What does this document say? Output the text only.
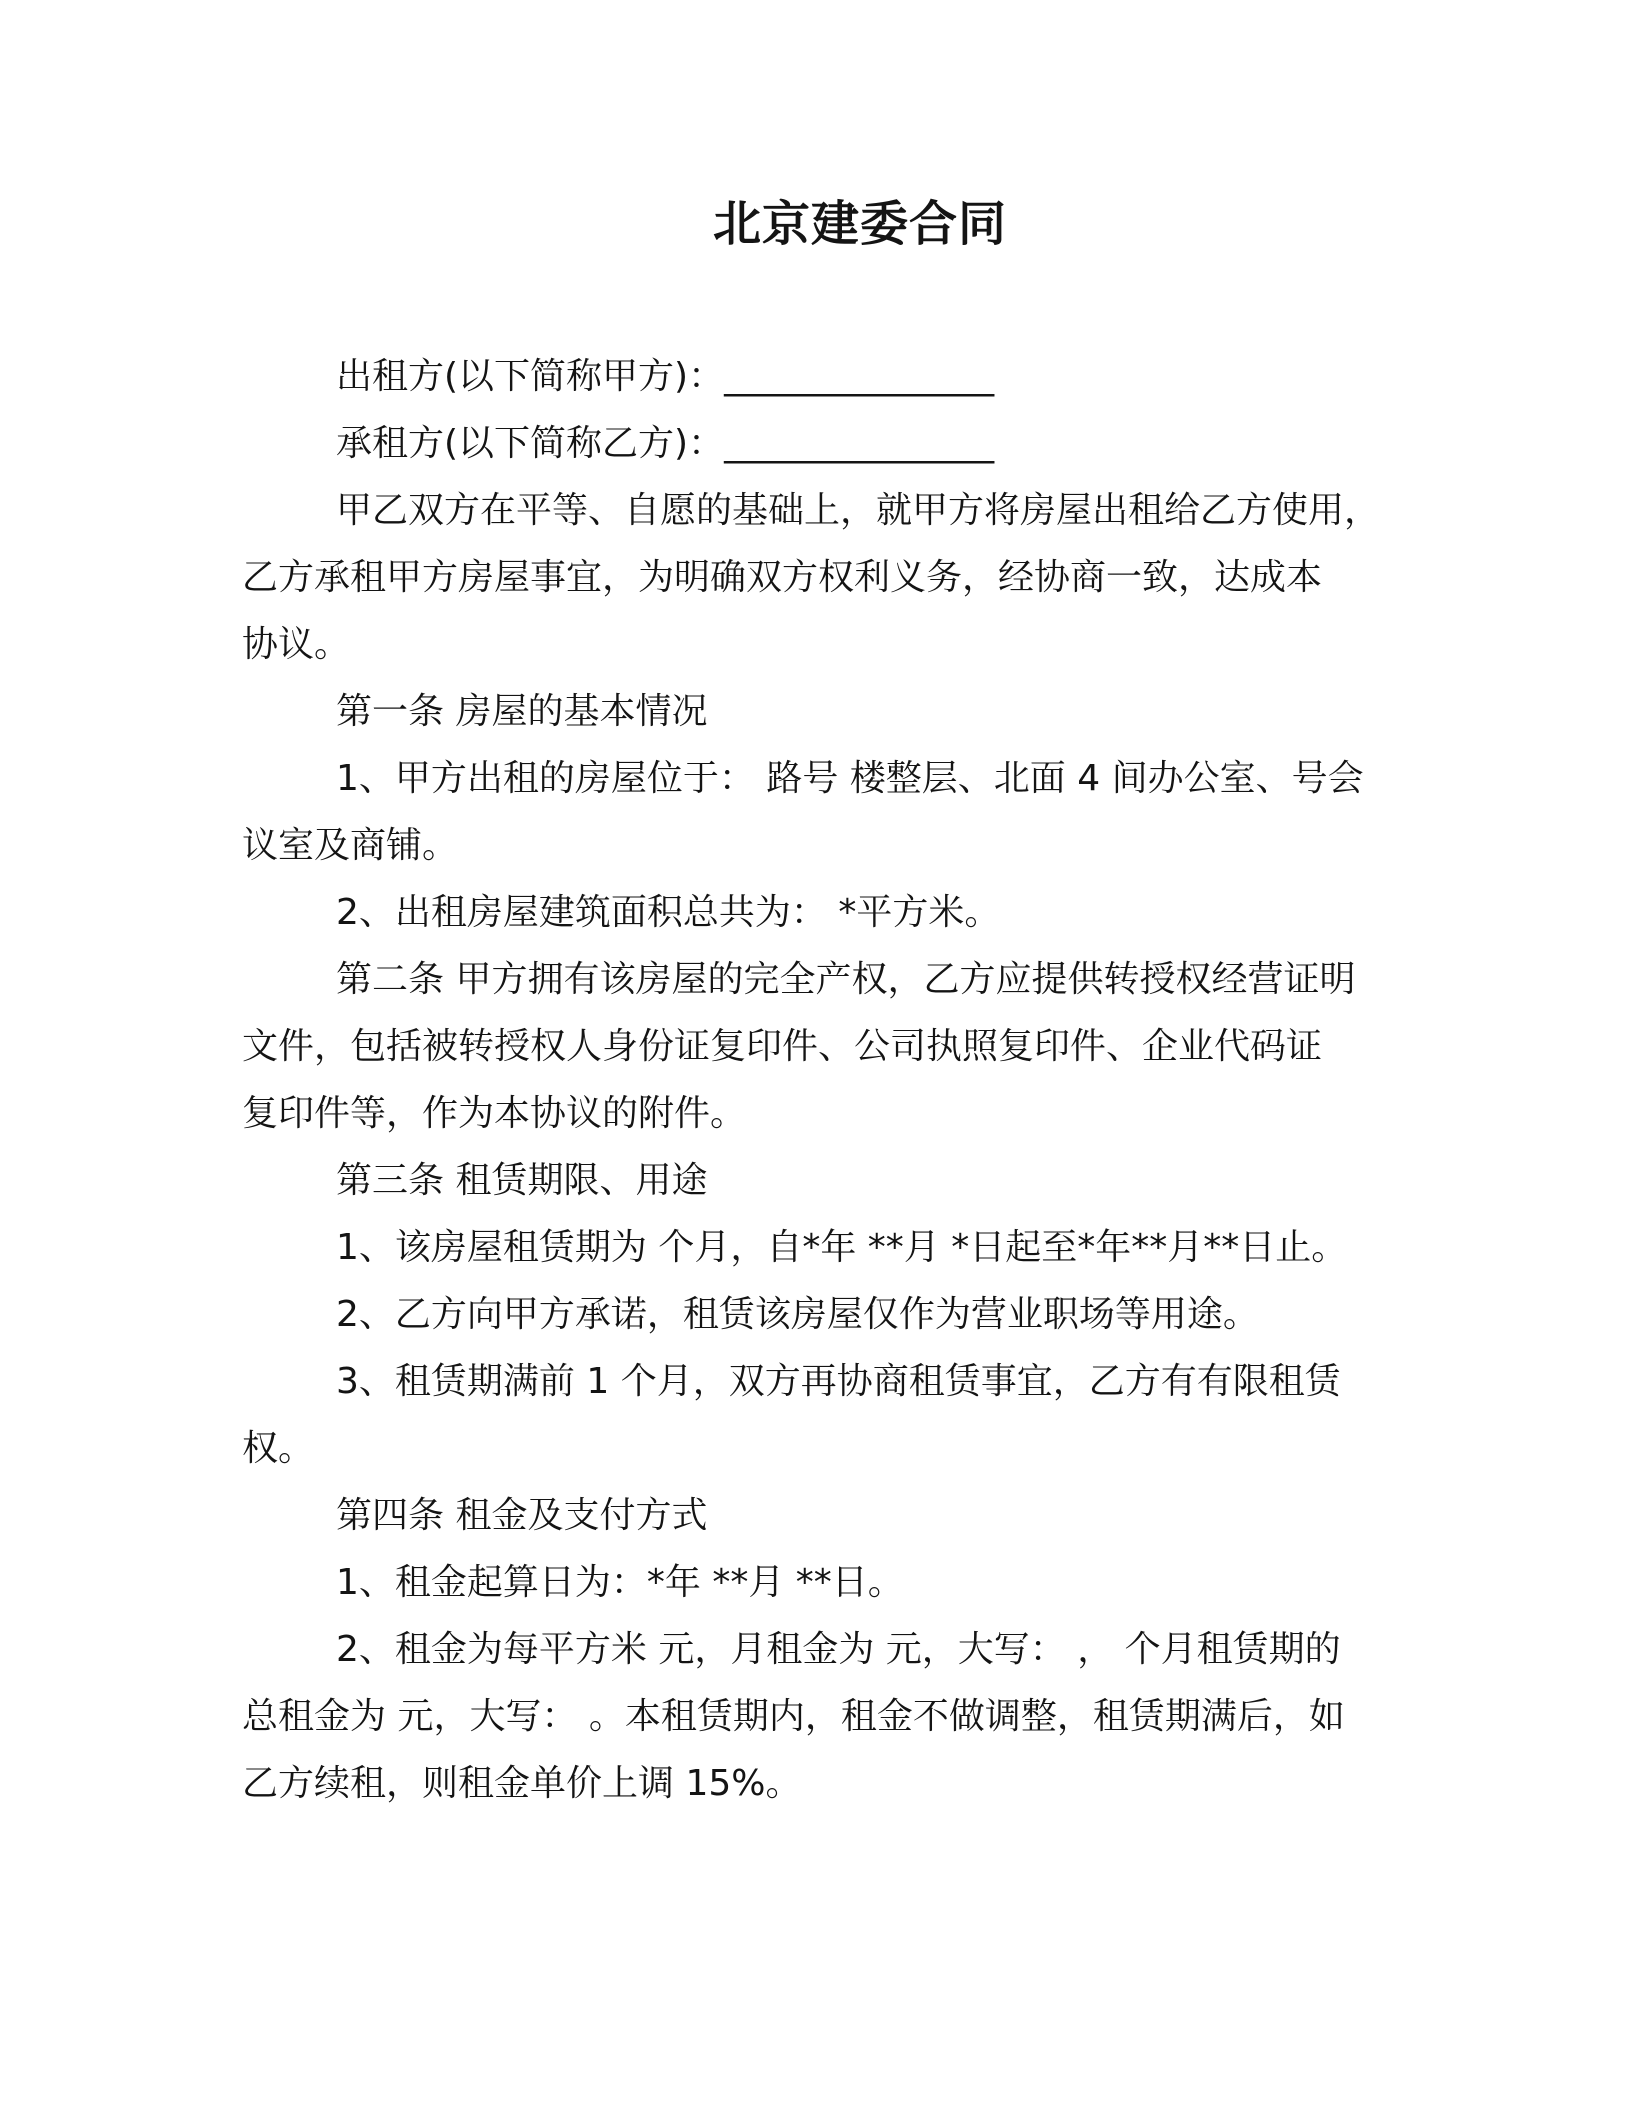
北京建委合同
出租方(以下简称甲方)：_______________
承租方(以下简称乙方)：_______________
甲乙双方在平等、自愿的基础上，就甲方将房屋出租给乙方使用，
乙方承租甲方房屋事宜，为明确双方权利义务，经协商一致，达成本
协议。
第一条 房屋的基本情况
1、甲方出租的房屋位于： 路号 楼整层、北面 4 间办公室、号会
议室及商铺。
2、出租房屋建筑面积总共为： *平方米。
第二条 甲方拥有该房屋的完全产权，乙方应提供转授权经营证明
文件，包括被转授权人身份证复印件、公司执照复印件、企业代码证
复印件等，作为本协议的附件。
第三条 租赁期限、用途
1、该房屋租赁期为 个月，自*年 **月 *日起至*年**月**日止。
2、乙方向甲方承诺，租赁该房屋仅作为营业职场等用途。
3、租赁期满前 1 个月，双方再协商租赁事宜，乙方有有限租赁
权。
第四条 租金及支付方式
1、租金起算日为：*年 **月 **日。
2、租金为每平方米 元，月租金为 元，大写： ， 个月租赁期的
总租金为 元，大写： 。本租赁期内，租金不做调整，租赁期满后，如
乙方续租，则租金单价上调 15%。
